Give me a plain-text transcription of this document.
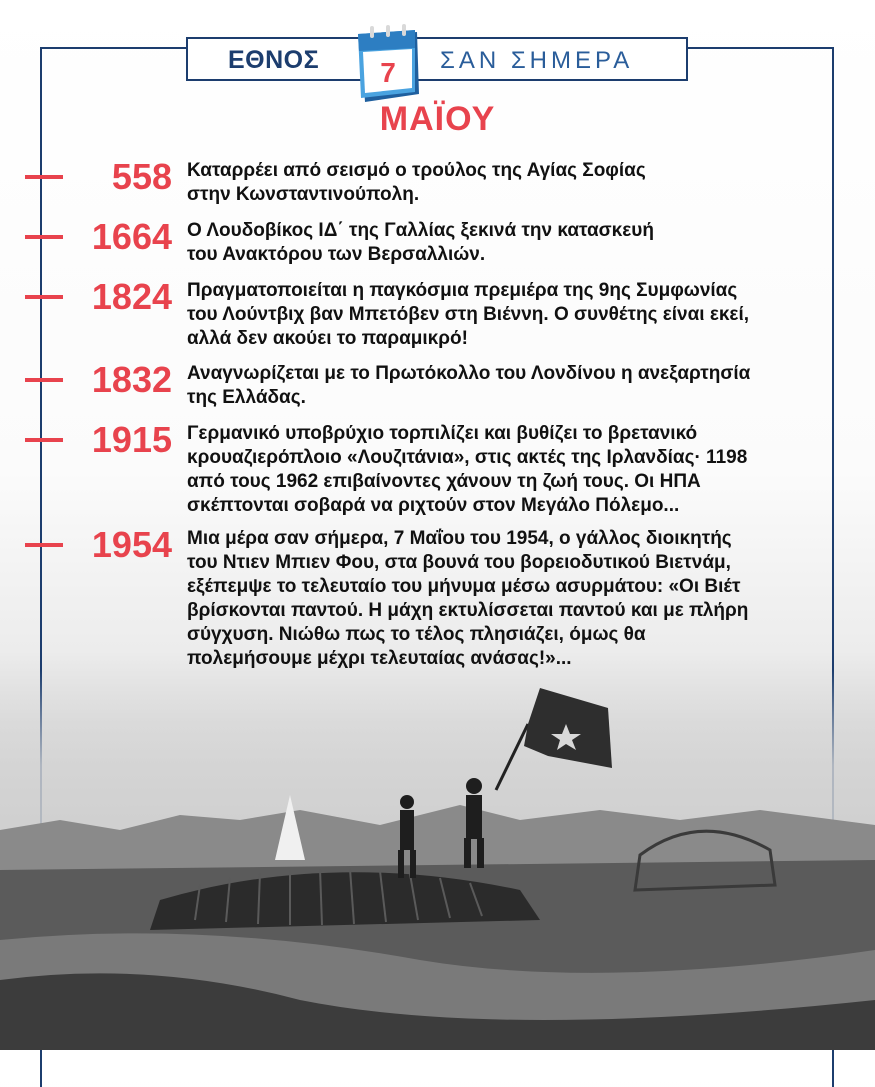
ΕΘΝΟΣ	ΣΑΝ ΣΗΜΕΡΑ
7
ΜΑΪΟΥ
558 Καταρρέει από σεισμό ο τρούλος της Αγίας Σοφίας
στην Κωνσταντινούπολη.
1664 Ο Λουδοβίκος ΙΔ΄ της Γαλλίας ξεκινά την κατασκευή
του Ανακτόρου των Βερσαλλιών.
1824 Πραγματοποιείται η παγκόσμια πρεμιέρα της 9ης Συμφωνίας
του Λούντβιχ βαν Μπετόβεν στη Βιέννη. Ο συνθέτης είναι εκεί,
αλλά δεν ακούει το παραμικρό!
1832 Αναγνωρίζεται με το Πρωτόκολλο του Λονδίνου η ανεξαρτησία
της Ελλάδας.
1915 Γερμανικό υποβρύχιο τορπιλίζει και βυθίζει το βρετανικό
κρουαζιερόπλοιο «Λουζιτάνια», στις ακτές της Ιρλανδίας· 1198
από τους 1962 επιβαίνοντες χάνουν τη ζωή τους. Οι ΗΠΑ
σκέπτονται σοβαρά να ριχτούν στον Μεγάλο Πόλεμο...
1954 Μια μέρα σαν σήμερα, 7 Μαΐου του 1954, ο γάλλος διοικητής
του Ντιεν Μπιεν Φου, στα βουνά του βορειοδυτικού Βιετνάμ,
εξέπεμψε το τελευταίο του μήνυμα μέσω ασυρμάτου: «Οι Βιέτ
βρίσκονται παντού. Η μάχη εκτυλίσσεται παντού και με πλήρη
σύγχυση. Νιώθω πως το τέλος πλησιάζει, όμως θα
πολεμήσουμε μέχρι τελευταίας ανάσας!»...
